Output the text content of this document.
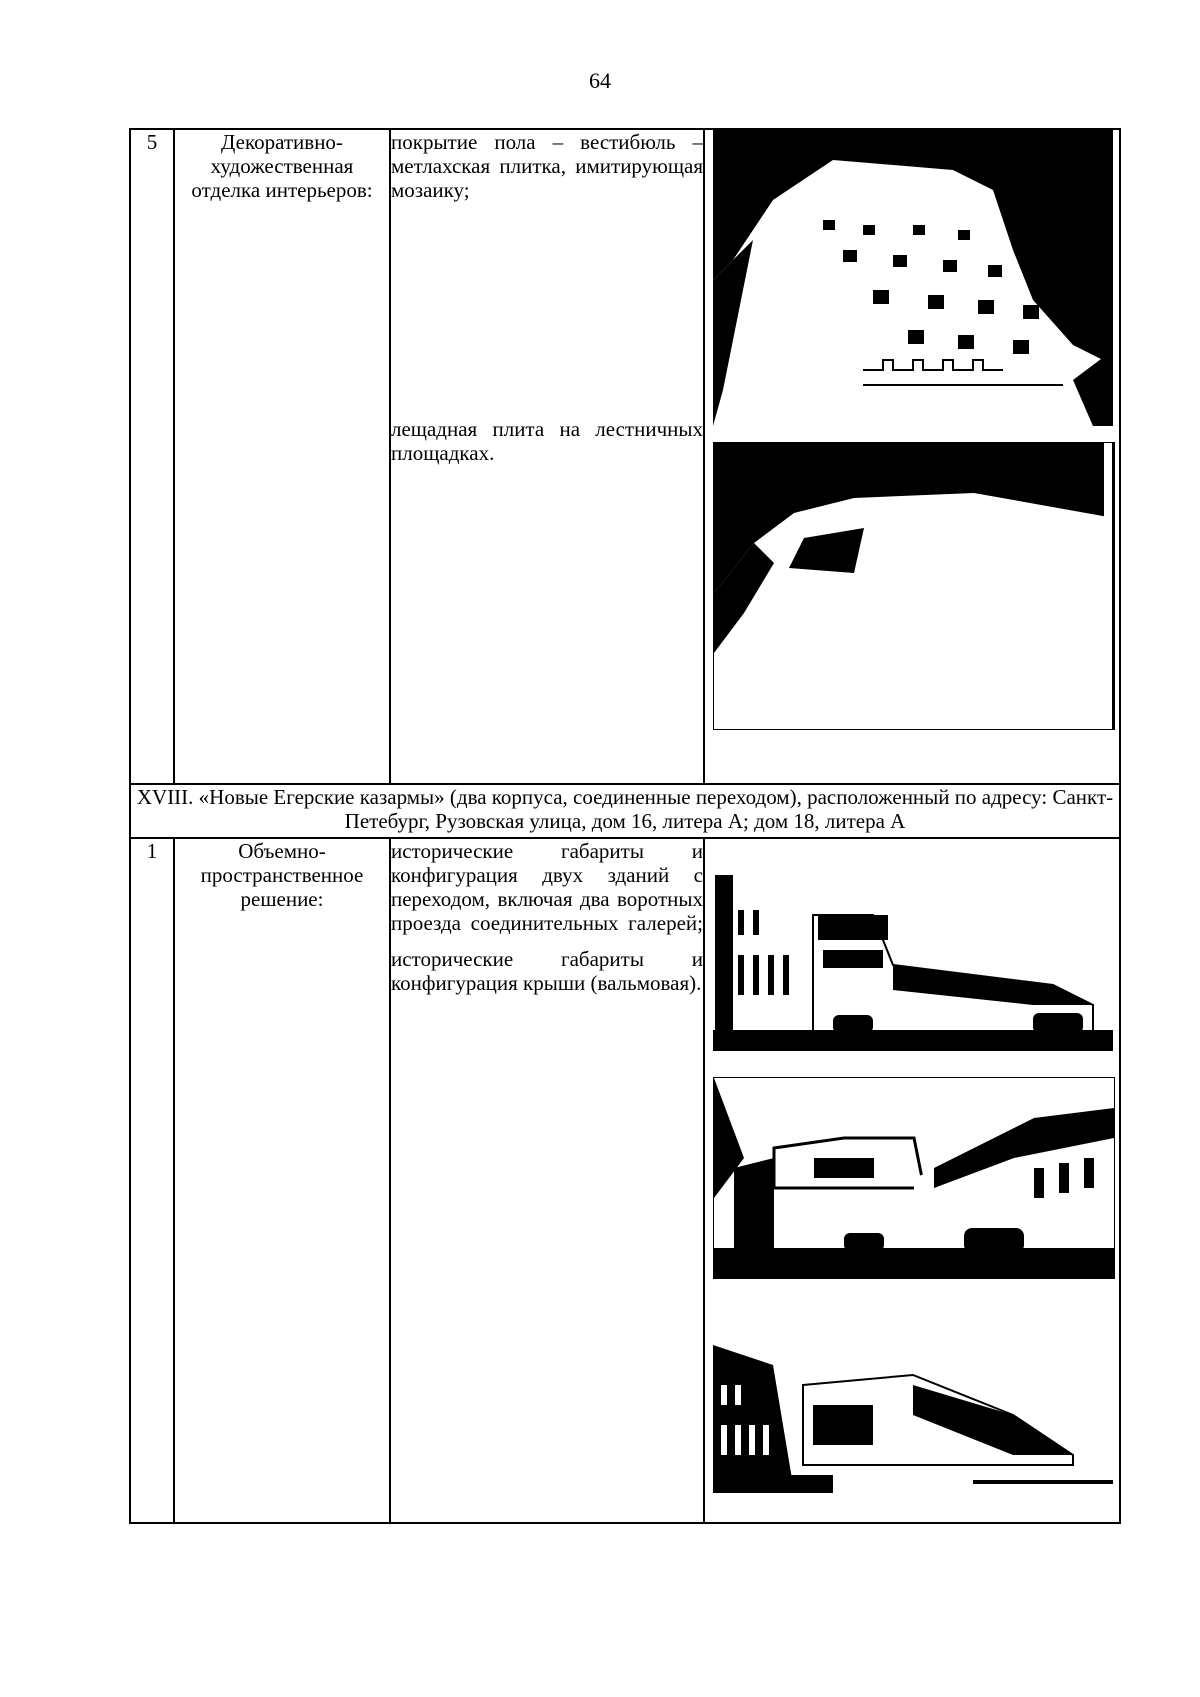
64
5	Декоративно-художественная отделка интерьеров:	покрытие пола – вестибюль – метлахская плитка, имитирующая мозаику;

лещадная плита на лестничных площадках.

XVIII. «Новые Егерские казармы» (два корпуса, соединенные переходом), расположенный по адресу: Санкт-Петебург, Рузовская улица, дом 16, литера А; дом 18, литера А			
1	Объемно-пространственное решение:	исторические габариты и конфигурация двух зданий с переходом, включая два воротных проезда соединительных галерей;

исторические габариты и конфигурация крыши (вальмовая).
